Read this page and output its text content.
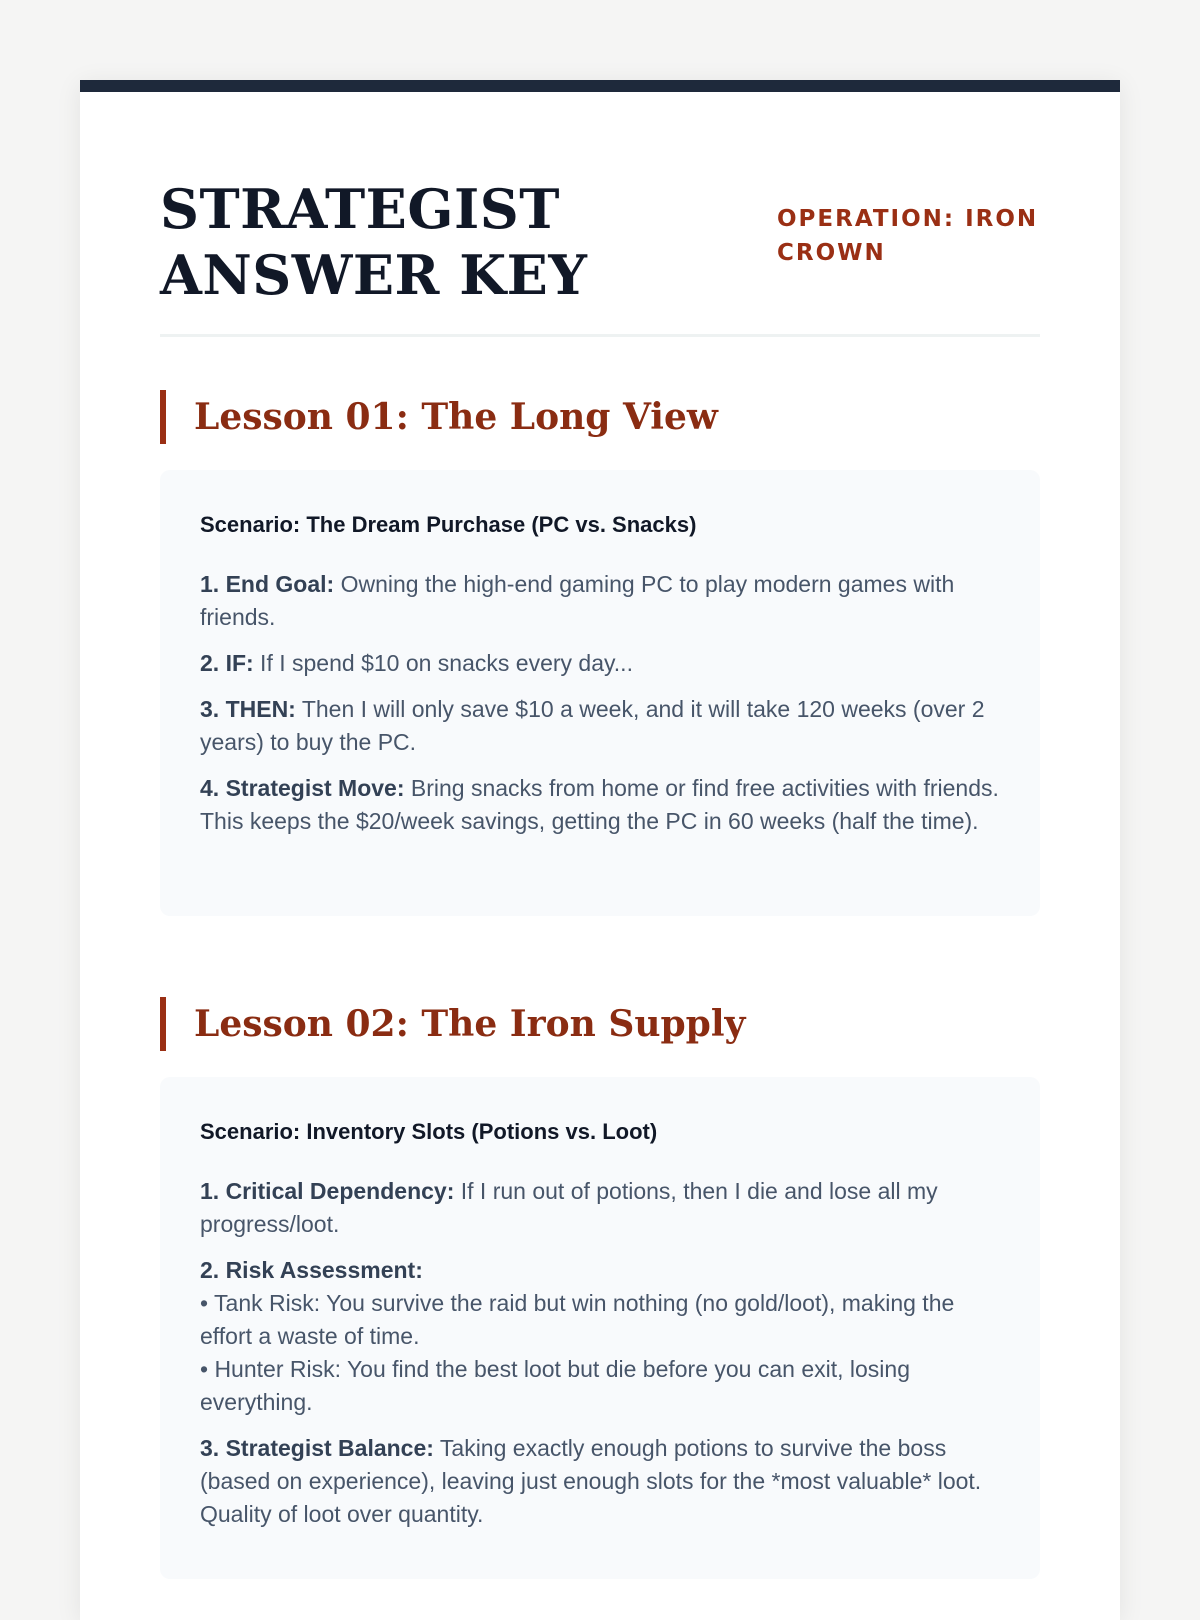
STRATEGIST ANSWER KEY
OPERATION: IRON CROWN
Lesson 01: The Long View
Scenario: The Dream Purchase (PC vs. Snacks)

1. End Goal: Owning the high-end gaming PC to play modern games with friends.

2. IF: If I spend $10 on snacks every day...

3. THEN: Then I will only save $10 a week, and it will take 120 weeks (over 2 years) to buy the PC.

4. Strategist Move: Bring snacks from home or find free activities with friends. This keeps the $20/week savings, getting the PC in 60 weeks (half the time).

Lesson 02: The Iron Supply
Scenario: Inventory Slots (Potions vs. Loot)

1. Critical Dependency: If I run out of potions, then I die and lose all my progress/loot.

2. Risk Assessment:
• Tank Risk: You survive the raid but win nothing (no gold/loot), making the effort a waste of time.
• Hunter Risk: You find the best loot but die before you can exit, losing everything.

3. Strategist Balance: Taking exactly enough potions to survive the boss (based on experience), leaving just enough slots for the *most valuable* loot. Quality of loot over quantity.
